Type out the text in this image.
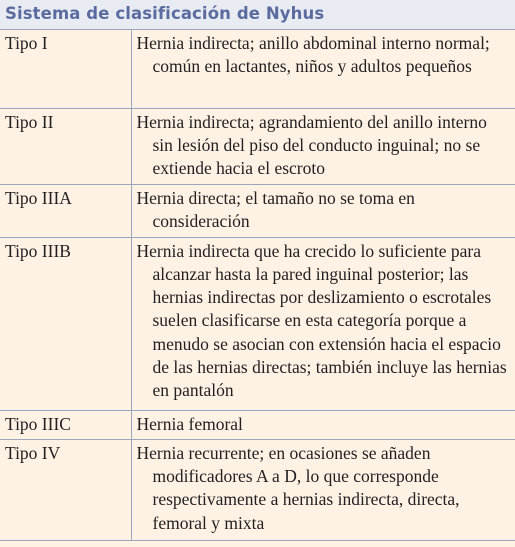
Sistema de clasificación de Nyhus
Tipo I	Hernia indirecta; anillo abdominal interno normal; común en lactantes, niños y adultos pequeños
Tipo II	Hernia indirecta; agrandamiento del anillo interno sin lesión del piso del conducto inguinal; no se extiende hacia el escroto
Tipo IIIA	Hernia directa; el tamaño no se toma en consideración
Tipo IIIB	Hernia indirecta que ha crecido lo suficiente para alcanzar hasta la pared inguinal posterior; las hernias indirectas por deslizamiento o escrotales suelen clasificarse en esta categoría porque a menudo se asocian con extensión hacia el espacio de las hernias directas; también incluye las hernias en pantalón
Tipo IIIC	Hernia femoral
Tipo IV	Hernia recurrente; en ocasiones se añaden modificadores A a D, lo que corresponde respectivamente a hernias indirecta, directa, femoral y mixta
